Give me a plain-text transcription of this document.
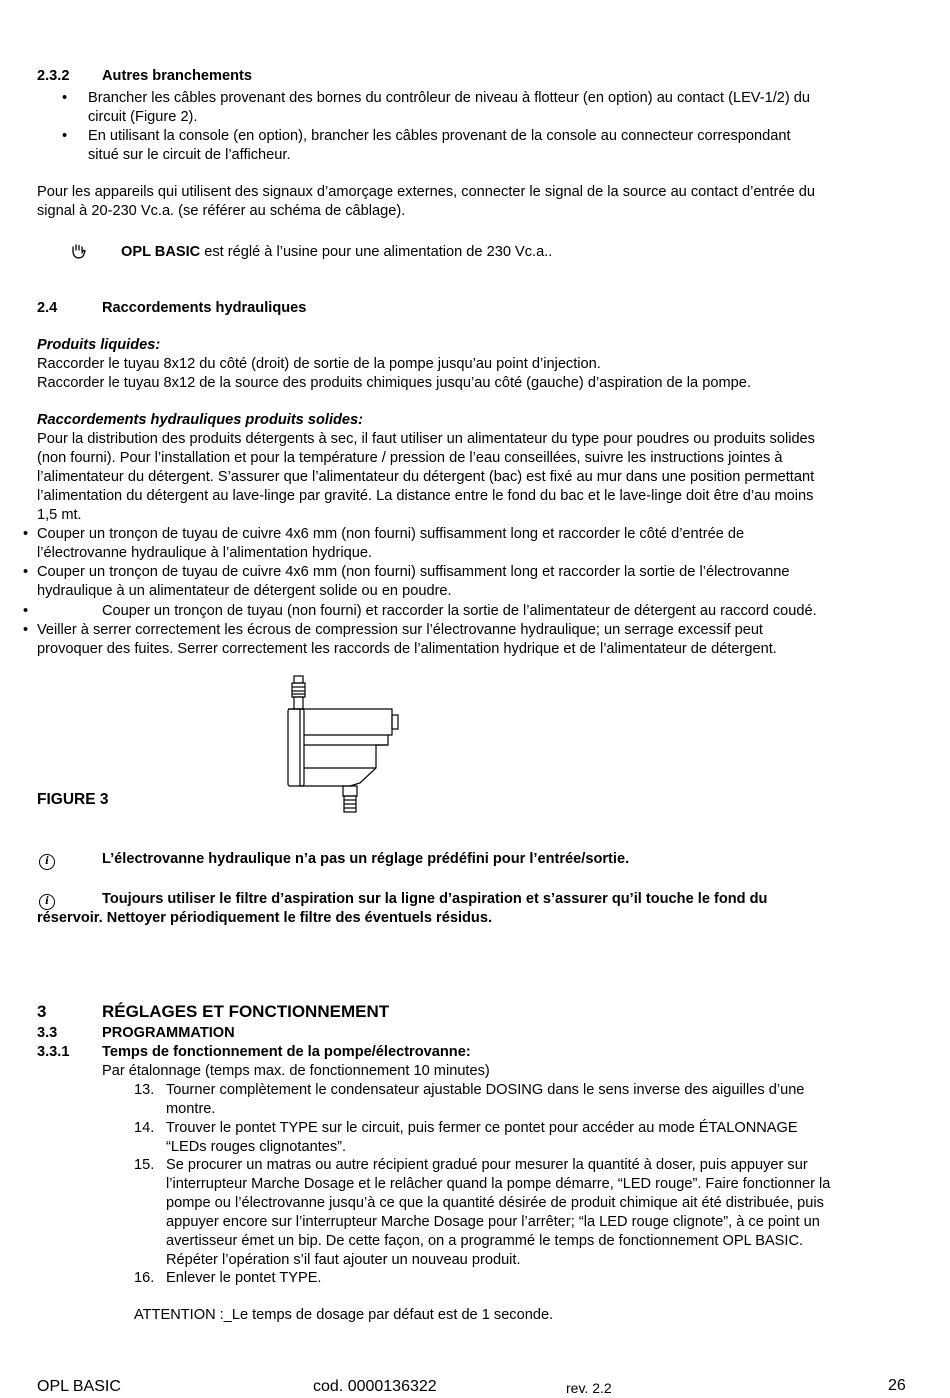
2.3.2 Autres branchements
• Brancher les câbles provenant des bornes du contrôleur de niveau à flotteur (en option) au contact (LEV-1/2) du
circuit (Figure 2).
• En utilisant la console (en option), brancher les câbles provenant de la console au connecteur correspondant
situé sur le circuit de l’afficheur.
Pour les appareils qui utilisent des signaux d’amorçage externes, connecter le signal de la source au contact d’entrée du
signal à 20-230 Vc.a. (se référer au schéma de câblage).
OPL BASIC est réglé à l’usine pour une alimentation de 230 Vc.a..
2.4	Raccordements hydrauliques
Produits liquides:
Raccorder le tuyau 8x12 du côté (droit) de sortie de la pompe jusqu’au point d’injection.
Raccorder le tuyau 8x12 de la source des produits chimiques jusqu’au côté (gauche) d’aspiration de la pompe.
Raccordements hydrauliques produits solides:
Pour la distribution des produits détergents à sec, il faut utiliser un alimentateur du type pour poudres ou produits solides
(non fourni). Pour l’installation et pour la température / pression de l’eau conseillées, suivre les instructions jointes à
l’alimentateur du détergent. S’assurer que l’alimentateur du détergent (bac) est fixé au mur dans une position permettant
l’alimentation du détergent au lave-linge par gravité. La distance entre le fond du bac et le lave-linge doit être d’au moins
1,5 mt.
• Couper un tronçon de tuyau de cuivre 4x6 mm (non fourni) suffisamment long et raccorder le côté d’entrée de
l’électrovanne hydraulique à l’alimentation hydrique.
• Couper un tronçon de tuyau de cuivre 4x6 mm (non fourni) suffisamment long et raccorder la sortie de l’électrovanne
hydraulique à un alimentateur de détergent solide ou en poudre.
•	Couper un tronçon de tuyau (non fourni) et raccorder la sortie de l’alimentateur de détergent au raccord coudé.
• Veiller à serrer correctement les écrous de compression sur l’électrovanne hydraulique; un serrage excessif peut
provoquer des fuites. Serrer correctement les raccords de l’alimentation hydrique et de l’alimentateur de détergent.
FIGURE 3
i	L’électrovanne hydraulique n’a pas un réglage prédéfini pour l’entrée/sortie.
i	Toujours utiliser le filtre d’aspiration sur la ligne d’aspiration et s’assurer qu’il touche le fond du
réservoir. Nettoyer périodiquement le filtre des éventuels résidus.
3	RÉGLAGES ET FONCTIONNEMENT
3.3	PROGRAMMATION
3.3.1 Temps de fonctionnement de la pompe/électrovanne:
Par étalonnage (temps max. de fonctionnement 10 minutes)
13. Tourner complètement le condensateur ajustable DOSING dans le sens inverse des aiguilles d’une
montre.
14. Trouver le pontet TYPE sur le circuit, puis fermer ce pontet pour accéder au mode ÉTALONNAGE
“LEDs rouges clignotantes”.
15. Se procurer un matras ou autre récipient gradué pour mesurer la quantité à doser, puis appuyer sur
l’interrupteur Marche Dosage et le relâcher quand la pompe démarre, “LED rouge”. Faire fonctionner la
pompe ou l’électrovanne jusqu’à ce que la quantité désirée de produit chimique ait été distribuée, puis
appuyer encore sur l’interrupteur Marche Dosage pour l’arrêter; “la LED rouge clignote”, à ce point un
avertisseur émet un bip. De cette façon, on a programmé le temps de fonctionnement OPL BASIC.
Répéter l’opération s’il faut ajouter un nouveau produit.
16. Enlever le pontet TYPE.
ATTENTION :_Le temps de dosage par défaut est de 1 seconde.
OPL BASIC	cod. 0000136322	rev. 2.2	26
